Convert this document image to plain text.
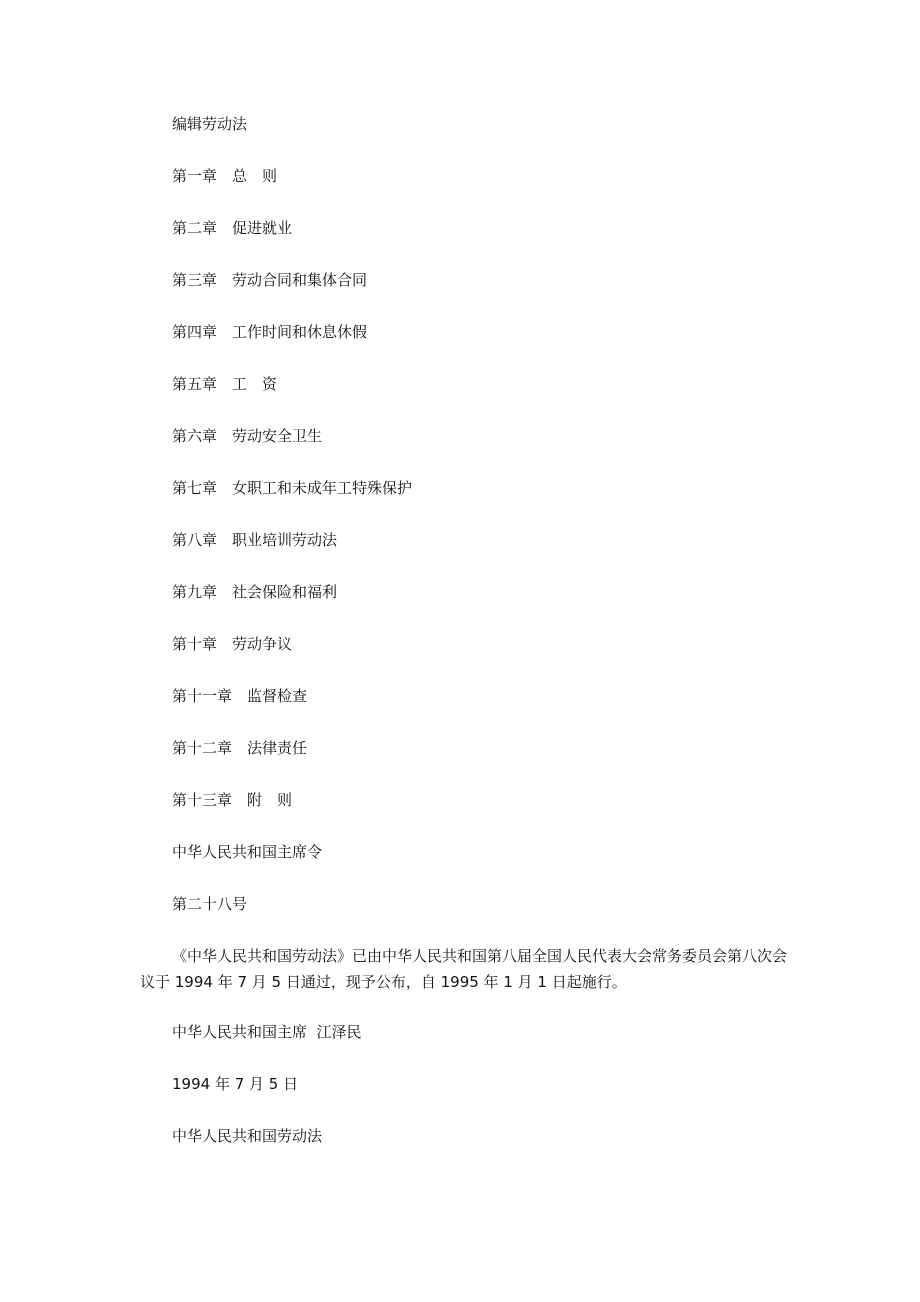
编辑劳动法
第一章　总　则
第二章　促进就业
第三章　劳动合同和集体合同
第四章　工作时间和休息休假
第五章　工　资
第六章　劳动安全卫生
第七章　女职工和未成年工特殊保护
第八章　职业培训劳动法
第九章　社会保险和福利
第十章　劳动争议
第十一章　监督检查
第十二章　法律责任
第十三章　附　则
中华人民共和国主席令
第二十八号
《中华人民共和国劳动法》已由中华人民共和国第八届全国人民代表大会常务委员会第八次会议于 1994 年 7 月 5 日通过，现予公布，自 1995 年 1 月 1 日起施行。
中华人民共和国主席  江泽民
1994 年 7 月 5 日
中华人民共和国劳动法
